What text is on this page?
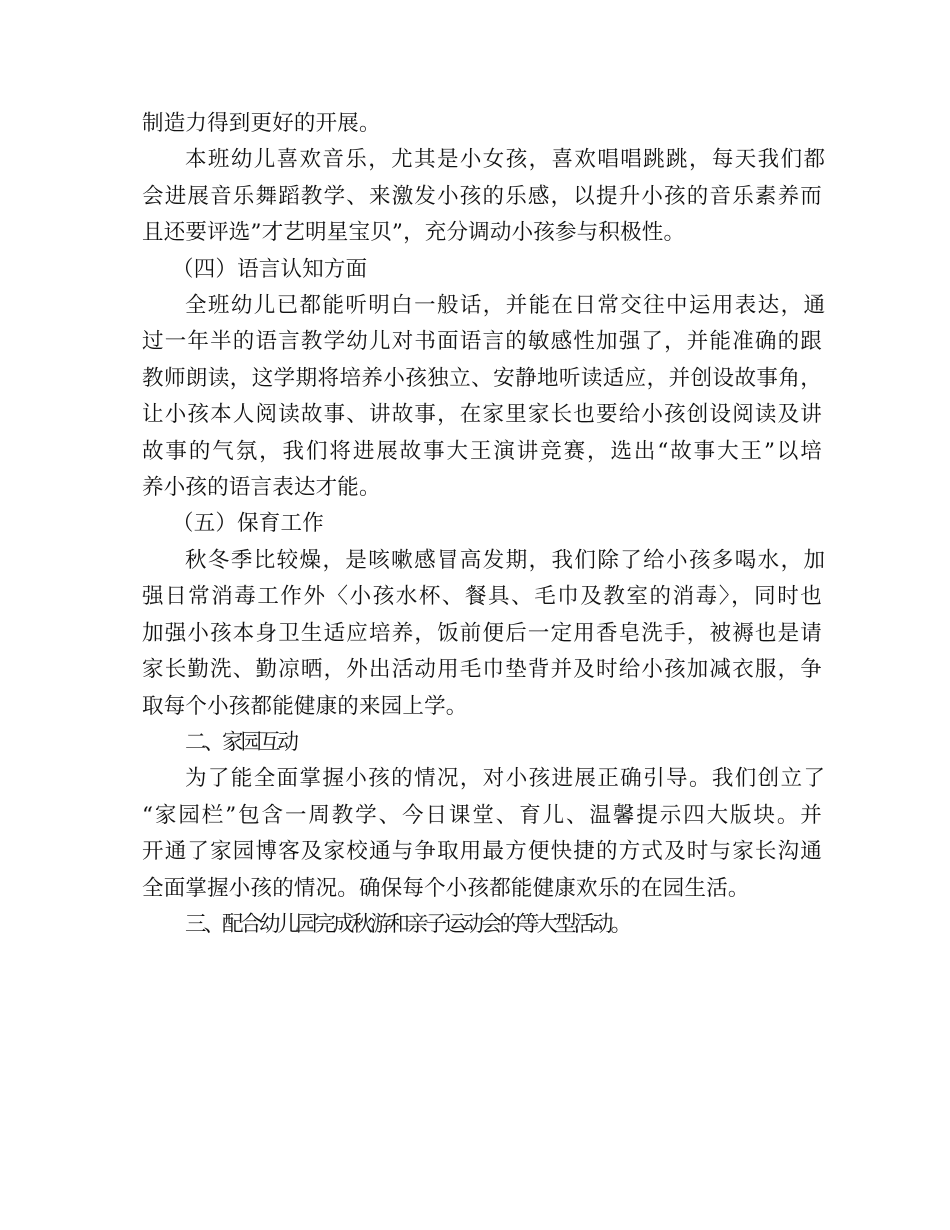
制造力得到更好的开展。

本班幼儿喜欢音乐，尤其是小女孩，喜欢唱唱跳跳，每天我们都
会进展音乐舞蹈教学、来激发小孩的乐感，以提升小孩的音乐素养而
且还要评选”才艺明星宝贝”，充分调动小孩参与积极性。

（四）语言认知方面

全班幼儿已都能听明白一般话，并能在日常交往中运用表达，通
过一年半的语言教学幼儿对书面语言的敏感性加强了，并能准确的跟
教师朗读，这学期将培养小孩独立、安静地听读适应，并创设故事角，
让小孩本人阅读故事、讲故事，在家里家长也要给小孩创设阅读及讲
故事的气氛，我们将进展故事大王演讲竞赛，选出“故事大王”以培
养小孩的语言表达才能。

（五）保育工作

秋冬季比较燥，是咳嗽感冒高发期，我们除了给小孩多喝水，加
强日常消毒工作外〈小孩水杯、餐具、毛巾及教室的消毒〉，同时也
加强小孩本身卫生适应培养，饭前便后一定用香皂洗手，被褥也是请
家长勤洗、勤凉晒，外出活动用毛巾垫背并及时给小孩加减衣服，争
取每个小孩都能健康的来园上学。

二、家园互动

为了能全面掌握小孩的情况，对小孩进展正确引导。我们创立了
“家园栏”包含一周教学、今日课堂、育儿、温馨提示四大版块。并
开通了家园博客及家校通与争取用最方便快捷的方式及时与家长沟通
全面掌握小孩的情况。确保每个小孩都能健康欢乐的在园生活。

三、配合幼儿园完成秋游和亲子运动会的等大型活动。
